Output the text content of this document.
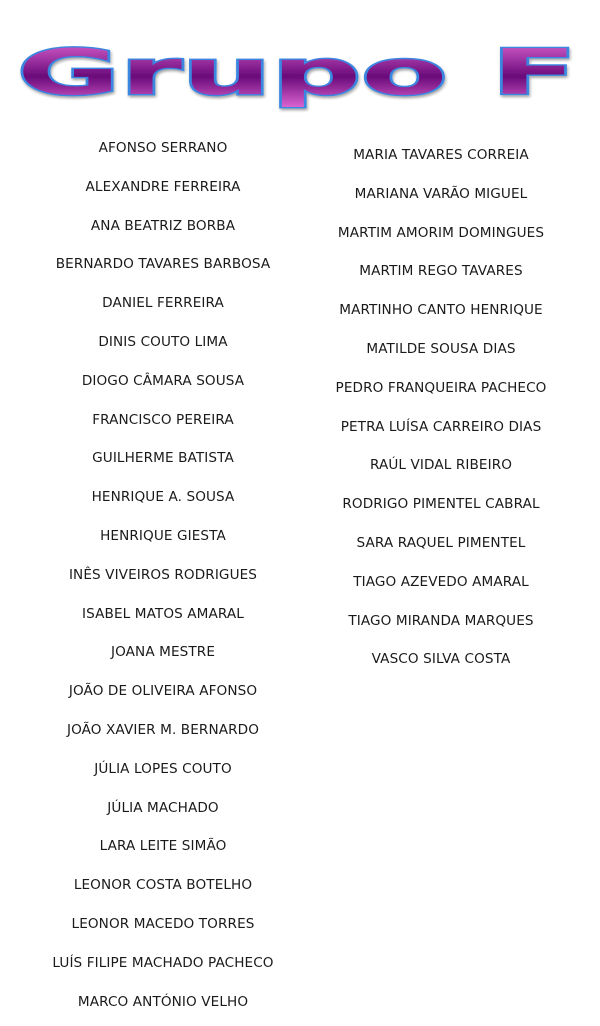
Grupo F
AFONSO SERRANO
ALEXANDRE FERREIRA
ANA BEATRIZ BORBA
BERNARDO TAVARES BARBOSA
DANIEL FERREIRA
DINIS COUTO LIMA
DIOGO CÂMARA SOUSA
FRANCISCO PEREIRA
GUILHERME BATISTA
HENRIQUE A. SOUSA
HENRIQUE GIESTA
INÊS VIVEIROS RODRIGUES
ISABEL MATOS AMARAL
JOANA MESTRE
JOÃO DE OLIVEIRA AFONSO
JOÃO XAVIER M. BERNARDO
JÚLIA LOPES COUTO
JÚLIA MACHADO
LARA LEITE SIMÃO
LEONOR COSTA BOTELHO
LEONOR MACEDO TORRES
LUÍS FILIPE MACHADO PACHECO
MARCO ANTÓNIO VELHO
MARIA TAVARES CORREIA
MARIANA VARÃO MIGUEL
MARTIM AMORIM DOMINGUES
MARTIM REGO TAVARES
MARTINHO CANTO HENRIQUE
MATILDE SOUSA DIAS
PEDRO FRANQUEIRA PACHECO
PETRA LUÍSA CARREIRO DIAS
RAÚL VIDAL RIBEIRO
RODRIGO PIMENTEL CABRAL
SARA RAQUEL PIMENTEL
TIAGO AZEVEDO AMARAL
TIAGO MIRANDA MARQUES
VASCO SILVA COSTA
